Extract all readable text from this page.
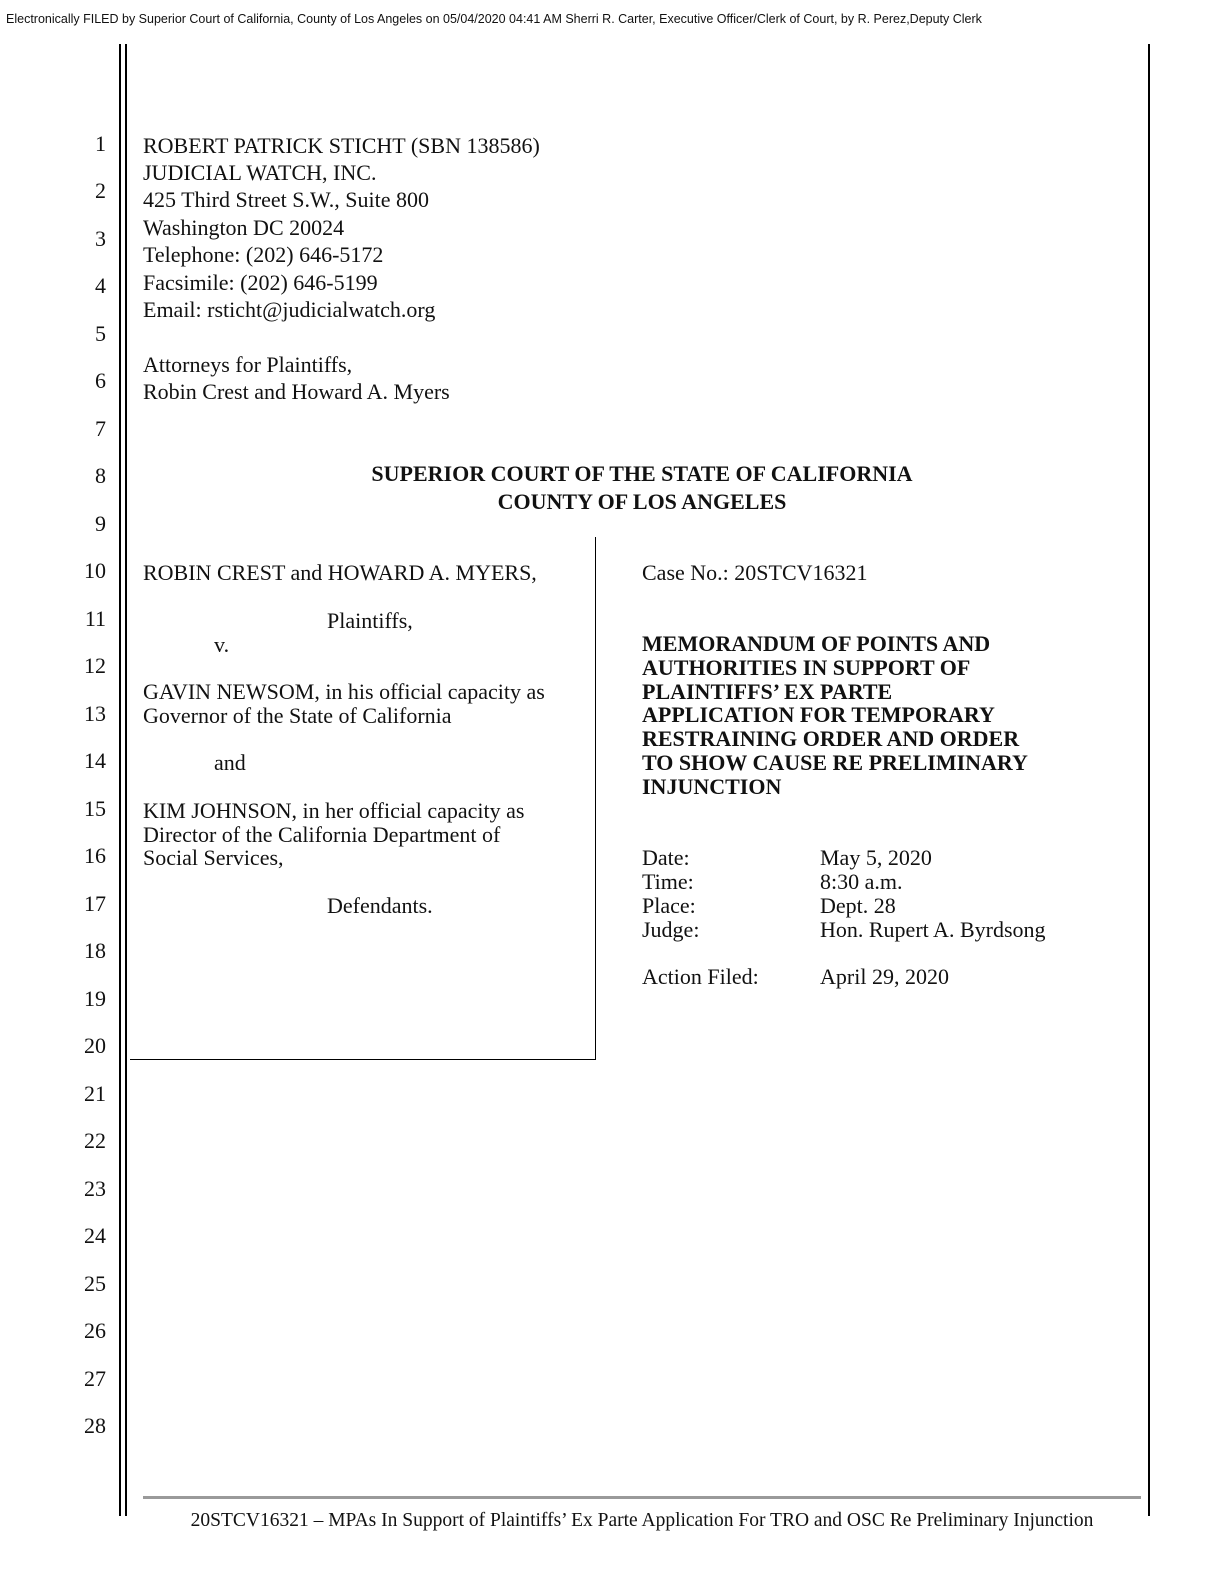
Electronically FILED by Superior Court of California, County of Los Angeles on 05/04/2020 04:41 AM Sherri R. Carter, Executive Officer/Clerk of Court, by R. Perez,Deputy Clerk
1
2
3
4
5
6
7
8
9
10
11
12
13
14
15
16
17
18
19
20
21
22
23
24
25
26
27
28
ROBERT PATRICK STICHT (SBN 138586)
JUDICIAL WATCH, INC.
425 Third Street S.W., Suite 800
Washington DC 20024
Telephone: (202) 646-5172
Facsimile: (202) 646-5199
Email: rsticht@judicialwatch.org
Attorneys for Plaintiffs,
Robin Crest and Howard A. Myers
SUPERIOR COURT OF THE STATE OF CALIFORNIA
COUNTY OF LOS ANGELES
ROBIN CREST and HOWARD A. MYERS,
Plaintiffs,
v.
GAVIN NEWSOM, in his official capacity as
Governor of the State of California
and
KIM JOHNSON, in her official capacity as
Director of the California Department of
Social Services,
Defendants.
Case No.: 20STCV16321
MEMORANDUM OF POINTS AND
AUTHORITIES IN SUPPORT OF
PLAINTIFFS’ EX PARTE
APPLICATION FOR TEMPORARY
RESTRAINING ORDER AND ORDER
TO SHOW CAUSE RE PRELIMINARY
INJUNCTION
Date:	May 5, 2020
Time:	8:30 a.m.
Place:	Dept. 28
Judge:	Hon. Rupert A. Byrdsong
Action Filed:	April 29, 2020
20STCV16321 – MPAs In Support of Plaintiffs’ Ex Parte Application For TRO and OSC Re Preliminary Injunction
